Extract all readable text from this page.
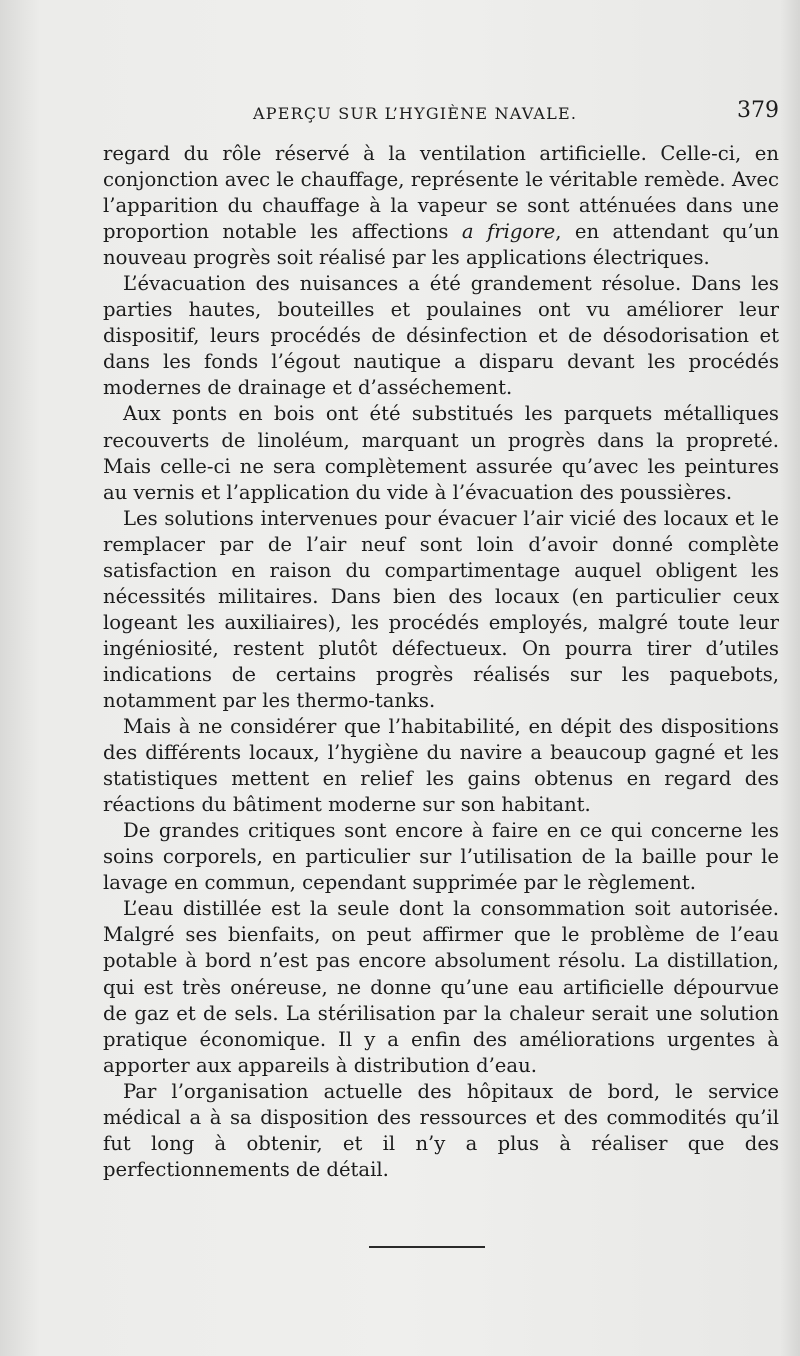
APERÇU SUR L’HYGIÈNE NAVALE.	379

regard du rôle réservé à la ventilation artificielle. Celle-ci, en conjonction avec le chauffage, représente le véritable remède. Avec l’apparition du chauffage à la vapeur se sont atténuées dans une proportion notable les affections a frigore, en attendant qu’un nouveau progrès soit réalisé par les applications électriques.

L’évacuation des nuisances a été grandement résolue. Dans les parties hautes, bouteilles et poulaines ont vu améliorer leur dispositif, leurs procédés de désinfection et de désodorisation et dans les fonds l’égout nautique a disparu devant les procédés modernes de drainage et d’asséchement.

Aux ponts en bois ont été substitués les parquets métalliques recouverts de linoléum, marquant un progrès dans la propreté. Mais celle-ci ne sera complètement assurée qu’avec les peintures au vernis et l’application du vide à l’évacuation des poussières.

Les solutions intervenues pour évacuer l’air vicié des locaux et le remplacer par de l’air neuf sont loin d’avoir donné complète satisfaction en raison du compartimentage auquel obligent les nécessités militaires. Dans bien des locaux (en particulier ceux logeant les auxiliaires), les procédés employés, malgré toute leur ingéniosité, restent plutôt défectueux. On pourra tirer d’utiles indications de certains progrès réalisés sur les paquebots, notamment par les thermo-tanks.

Mais à ne considérer que l’habitabilité, en dépit des dispositions des différents locaux, l’hygiène du navire a beaucoup gagné et les statistiques mettent en relief les gains obtenus en regard des réactions du bâtiment moderne sur son habitant.

De grandes critiques sont encore à faire en ce qui concerne les soins corporels, en particulier sur l’utilisation de la baille pour le lavage en commun, cependant supprimée par le règlement.

L’eau distillée est la seule dont la consommation soit autorisée. Malgré ses bienfaits, on peut affirmer que le problème de l’eau potable à bord n’est pas encore absolument résolu. La distillation, qui est très onéreuse, ne donne qu’une eau artificielle dépourvue de gaz et de sels. La stérilisation par la chaleur serait une solution pratique économique. Il y a enfin des améliorations urgentes à apporter aux appareils à distribution d’eau.

Par l’organisation actuelle des hôpitaux de bord, le service médical a à sa disposition des ressources et des commodités qu’il fut long à obtenir, et il n’y a plus à réaliser que des perfectionnements de détail.
